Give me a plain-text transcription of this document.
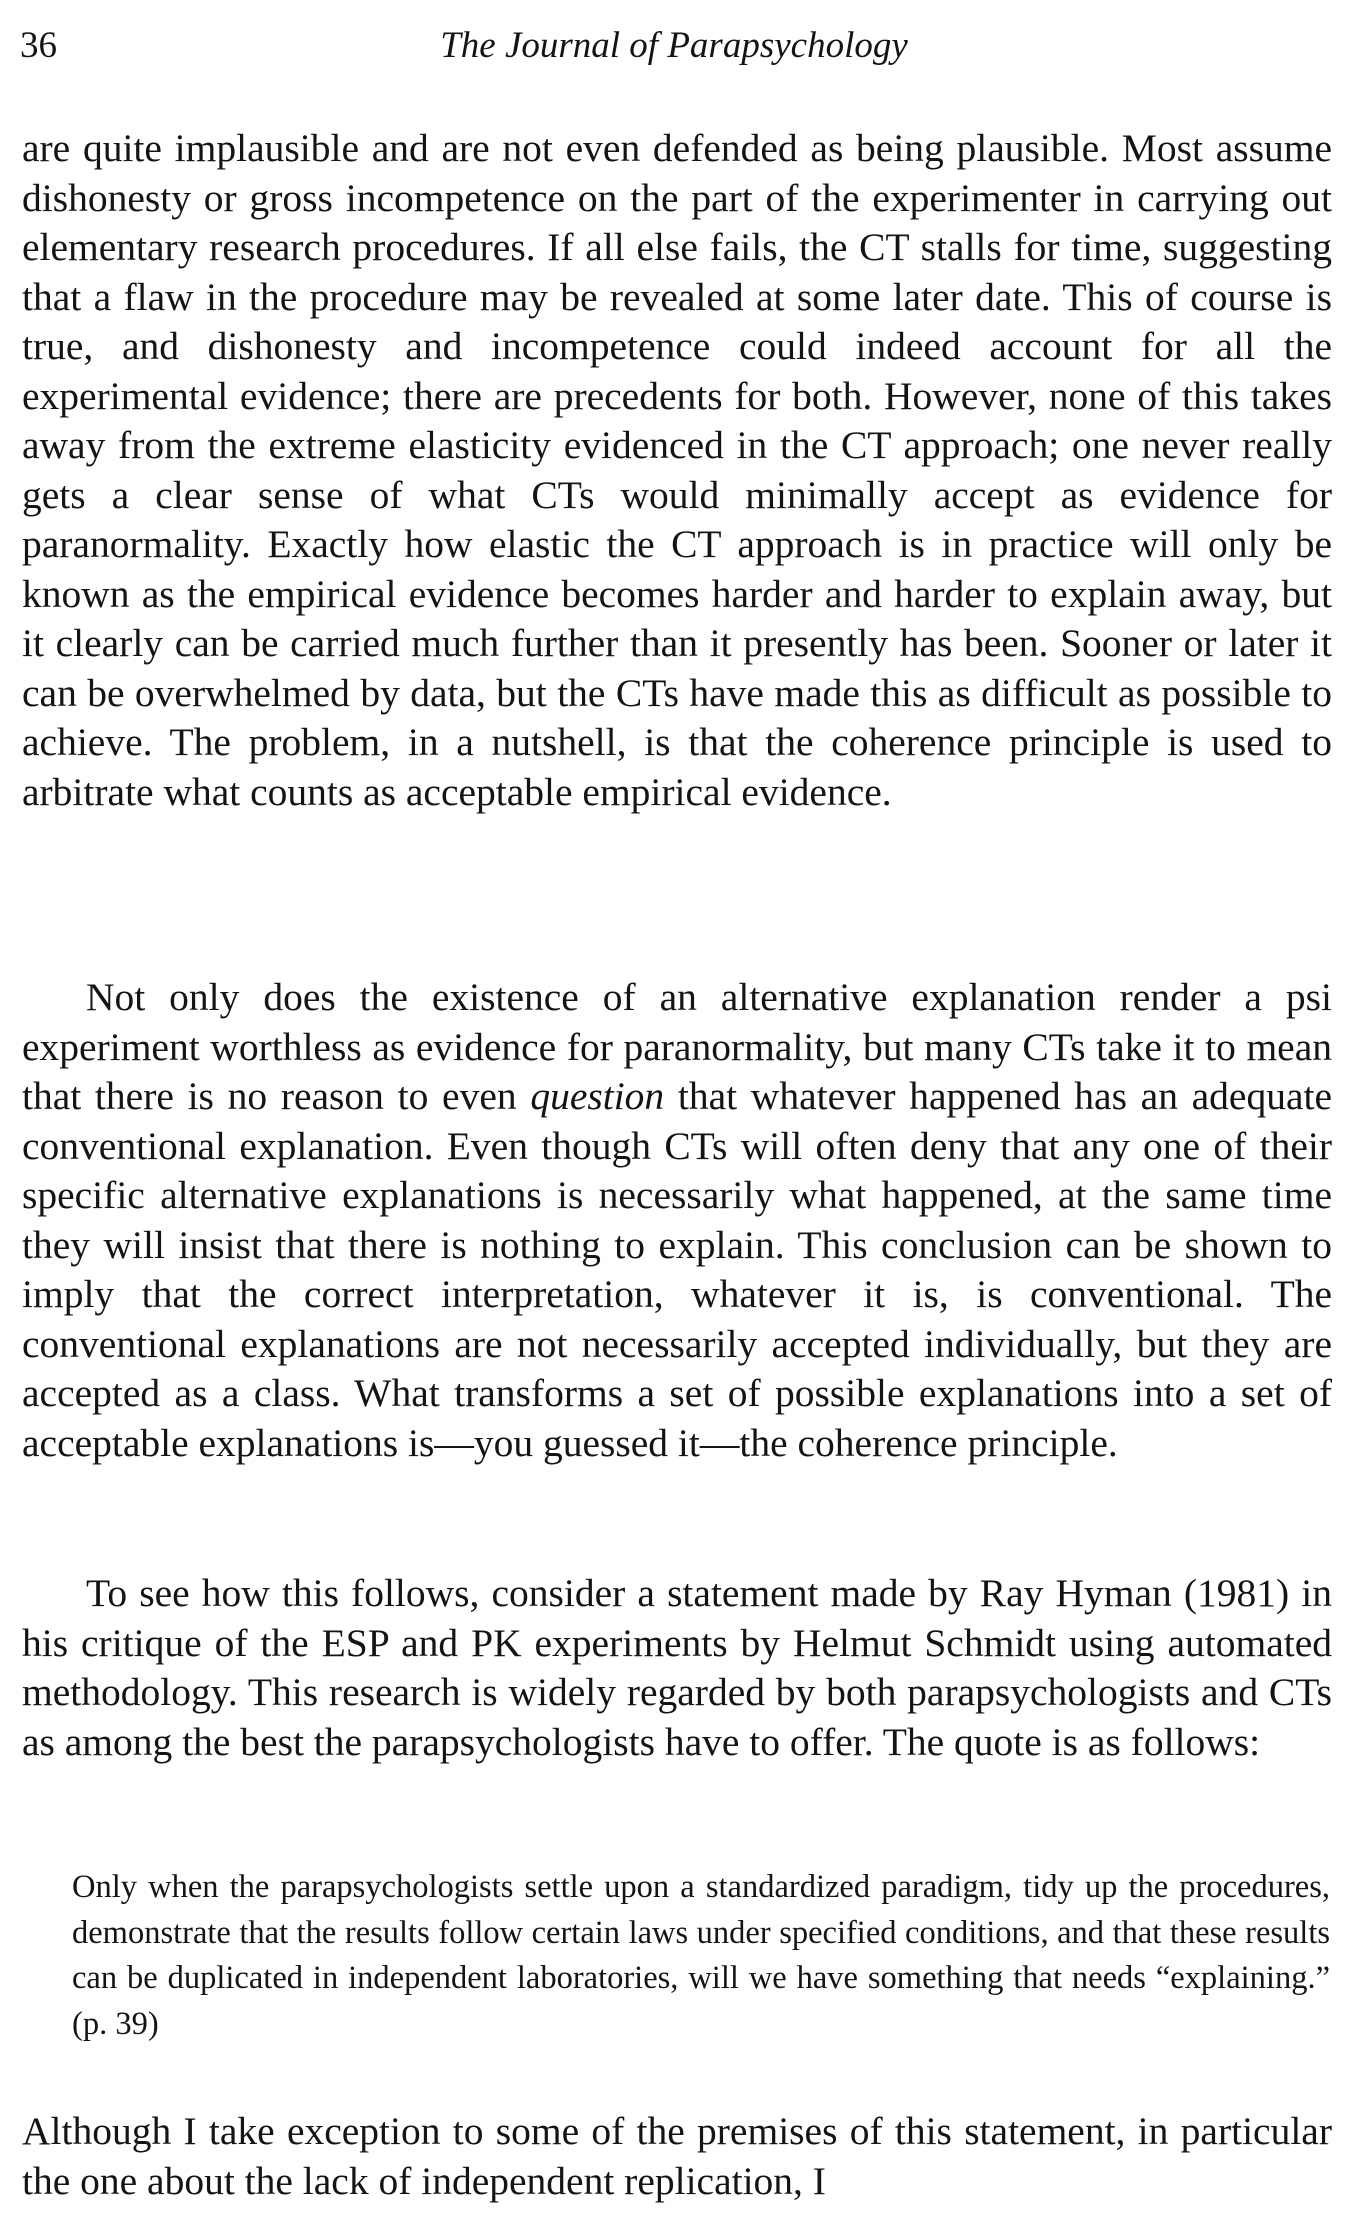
36	The Journal of Parapsychology

are quite implausible and are not even defended as being plausible. Most assume dishonesty or gross incompetence on the part of the experimenter in carrying out elementary research procedures. If all else fails, the CT stalls for time, suggesting that a flaw in the procedure may be revealed at some later date. This of course is true, and dishonesty and incompetence could indeed account for all the experimental evidence; there are precedents for both. However, none of this takes away from the extreme elasticity evidenced in the CT approach; one never really gets a clear sense of what CTs would minimally accept as evidence for paranormality. Exactly how elastic the CT approach is in practice will only be known as the empirical evidence becomes harder and harder to explain away, but it clearly can be carried much further than it presently has been. Sooner or later it can be overwhelmed by data, but the CTs have made this as difficult as possible to achieve. The problem, in a nutshell, is that the coherence principle is used to arbitrate what counts as acceptable empirical evidence.

Not only does the existence of an alternative explanation render a psi experiment worthless as evidence for paranormality, but many CTs take it to mean that there is no reason to even question that whatever happened has an adequate conventional explanation. Even though CTs will often deny that any one of their specific alternative explanations is necessarily what happened, at the same time they will insist that there is nothing to explain. This conclusion can be shown to imply that the correct interpretation, whatever it is, is conventional. The conventional explanations are not necessarily accepted individually, but they are accepted as a class. What transforms a set of possible explanations into a set of acceptable explanations is—you guessed it—the coherence principle.

To see how this follows, consider a statement made by Ray Hyman (1981) in his critique of the ESP and PK experiments by Helmut Schmidt using automated methodology. This research is widely regarded by both parapsychologists and CTs as among the best the parapsychologists have to offer. The quote is as follows:

Only when the parapsychologists settle upon a standardized paradigm, tidy up the procedures, demonstrate that the results follow certain laws under specified conditions, and that these results can be duplicated in independent laboratories, will we have something that needs “explaining.” (p. 39)

Although I take exception to some of the premises of this statement, in particular the one about the lack of independent replication, I
